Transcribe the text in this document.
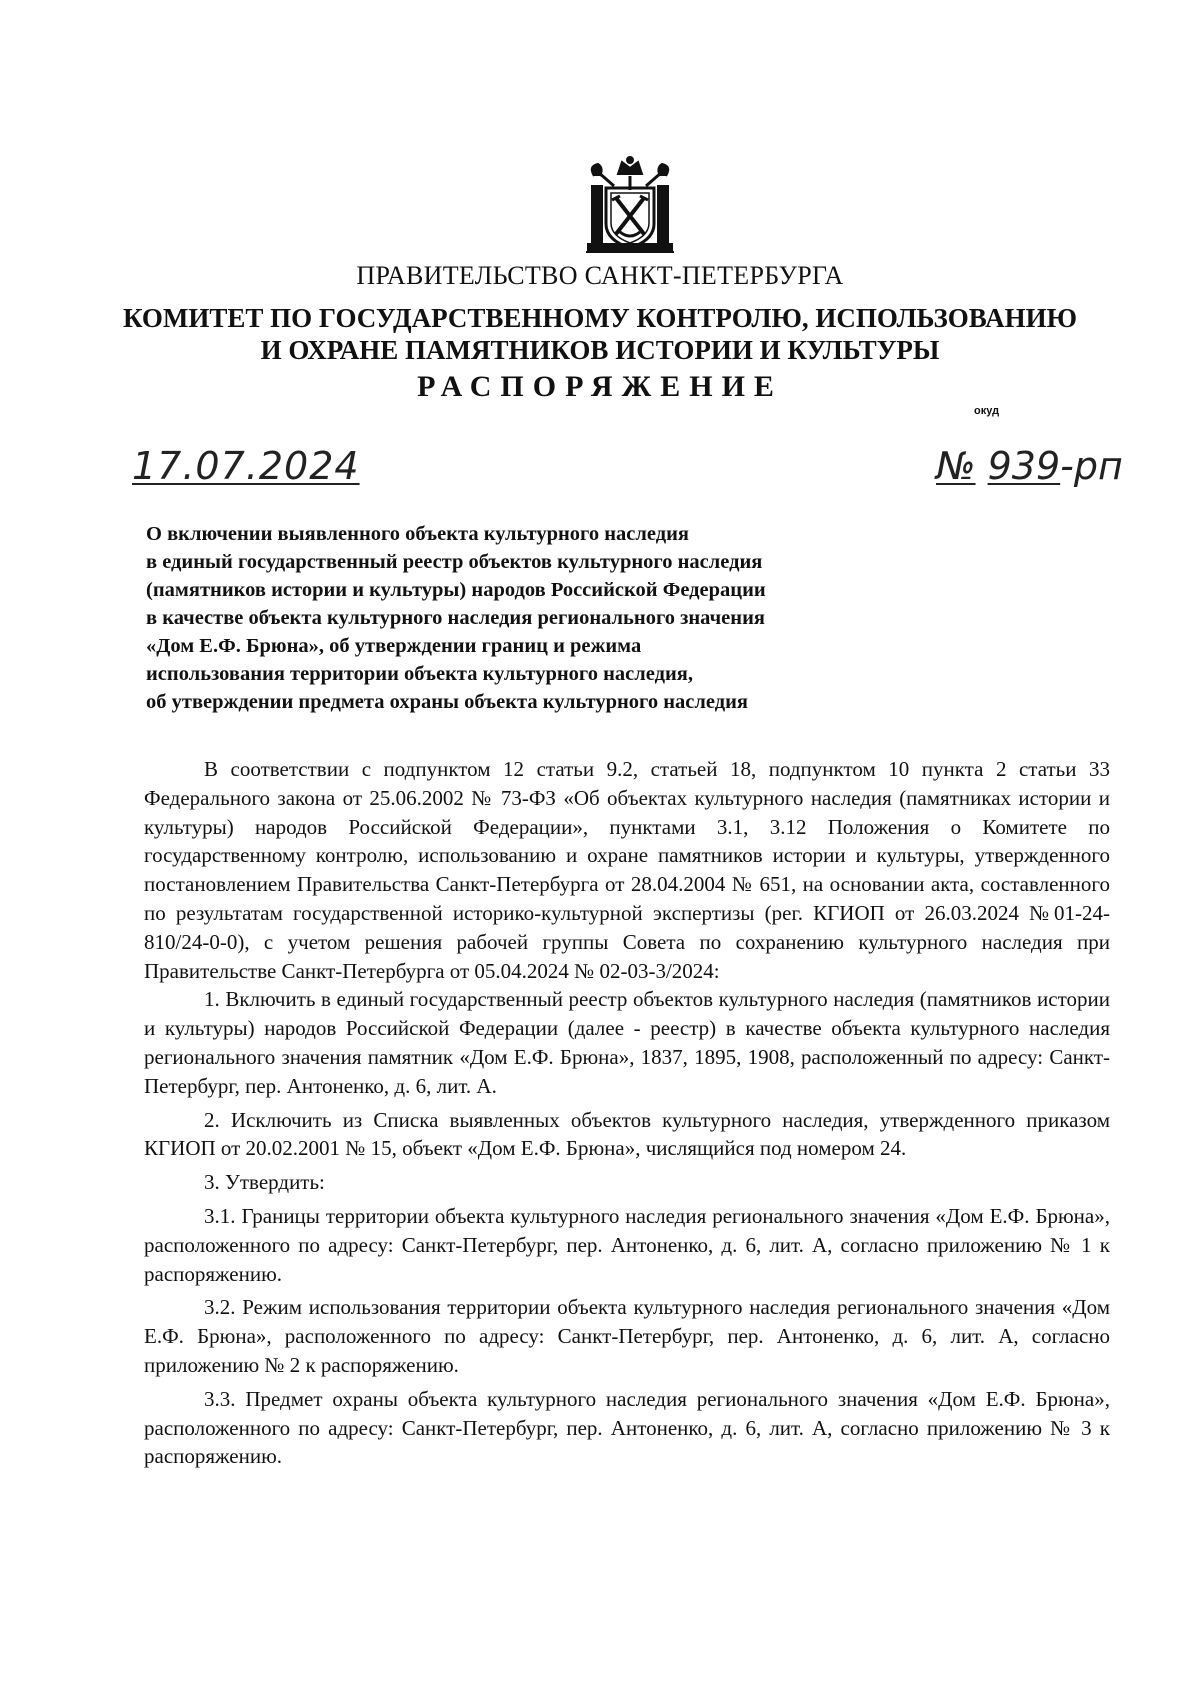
ПРАВИТЕЛЬСТВО САНКТ-ПЕТЕРБУРГА
КОМИТЕТ ПО ГОСУДАРСТВЕННОМУ КОНТРОЛЮ, ИСПОЛЬЗОВАНИЮ
И ОХРАНЕ ПАМЯТНИКОВ ИСТОРИИ И КУЛЬТУРЫ
РАСПОРЯЖЕНИЕ
окуд
17.07.2024	№ 939-рп
О включении выявленного объекта культурного наследия
в единый государственный реестр объектов культурного наследия
(памятников истории и культуры) народов Российской Федерации
в качестве объекта культурного наследия регионального значения
«Дом Е.Ф. Брюна», об утверждении границ и режима
использования территории объекта культурного наследия,
об утверждении предмета охраны объекта культурного наследия

В соответствии с подпунктом 12 статьи 9.2, статьей 18, подпунктом 10 пункта 2 статьи 33 Федерального закона от 25.06.2002 № 73-ФЗ «Об объектах культурного наследия (памятниках истории и культуры) народов Российской Федерации», пунктами 3.1, 3.12 Положения о Комитете по государственному контролю, использованию и охране памятников истории и культуры, утвержденного постановлением Правительства Санкт-Петербурга от 28.04.2004 № 651, на основании акта, составленного по результатам государственной историко-культурной экспертизы (рег. КГИОП от 26.03.2024 №01-24-810/24-0-0), с учетом решения рабочей группы Совета по сохранению культурного наследия при Правительстве Санкт-Петербурга от 05.04.2024 № 02-03-3/2024:

1. Включить в единый государственный реестр объектов культурного наследия (памятников истории и культуры) народов Российской Федерации (далее - реестр) в качестве объекта культурного наследия регионального значения памятник «Дом Е.Ф. Брюна», 1837, 1895, 1908, расположенный по адресу: Санкт-Петербург, пер. Антоненко, д. 6, лит. А.

2. Исключить из Списка выявленных объектов культурного наследия, утвержденного приказом КГИОП от 20.02.2001 № 15, объект «Дом Е.Ф. Брюна», числящийся под номером 24.

3. Утвердить:

3.1. Границы территории объекта культурного наследия регионального значения «Дом Е.Ф. Брюна», расположенного по адресу: Санкт-Петербург, пер. Антоненко, д. 6, лит. А, согласно приложению № 1 к распоряжению.

3.2. Режим использования территории объекта культурного наследия регионального значения «Дом Е.Ф. Брюна», расположенного по адресу: Санкт-Петербург, пер. Антоненко, д. 6, лит. А, согласно приложению № 2 к распоряжению.

3.3. Предмет охраны объекта культурного наследия регионального значения «Дом Е.Ф. Брюна», расположенного по адресу: Санкт-Петербург, пер. Антоненко, д. 6, лит. А, согласно приложению № 3 к распоряжению.
